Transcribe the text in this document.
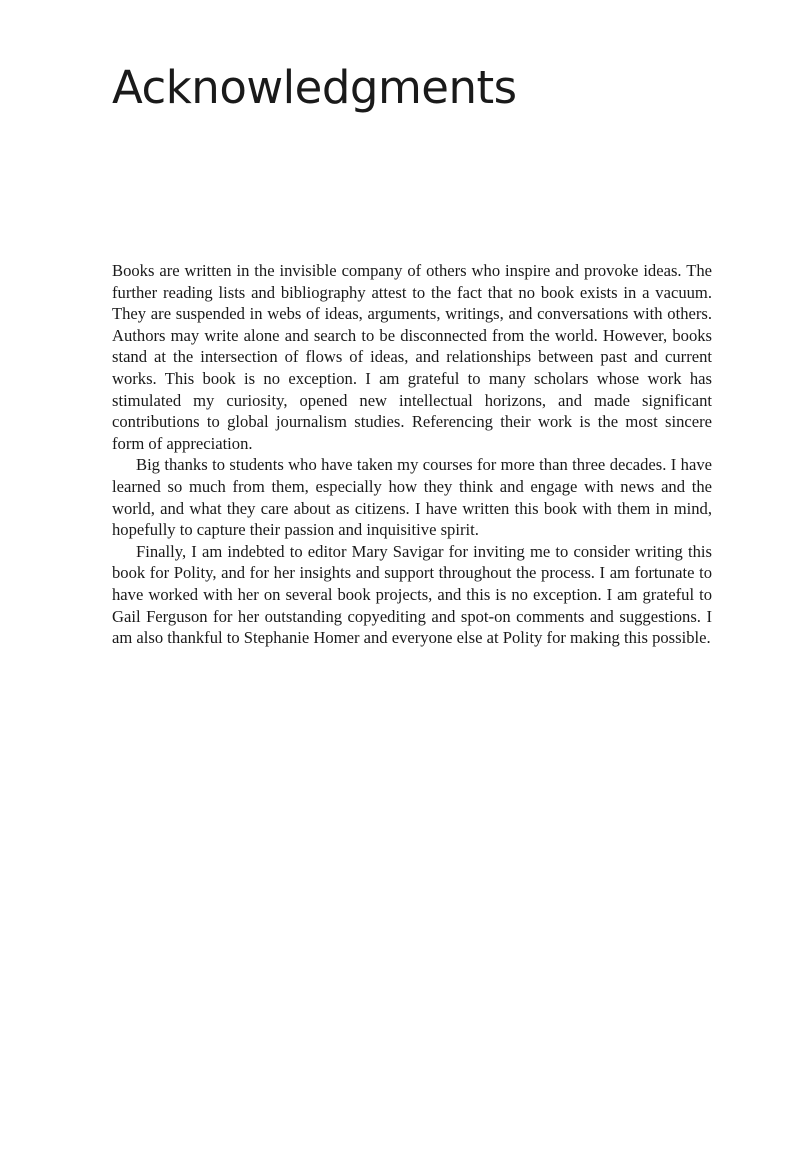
Acknowledgments

Books are written in the invisible company of others who inspire and provoke ideas. The further reading lists and bibliography attest to the fact that no book exists in a vacuum. They are suspended in webs of ideas, arguments, writings, and conversations with others. Authors may write alone and search to be disconnected from the world. However, books stand at the intersection of flows of ideas, and relationships between past and current works. This book is no exception. I am grateful to many scholars whose work has stimulated my curiosity, opened new intellectual horizons, and made significant contributions to global journalism studies. Referencing their work is the most sincere form of appreciation.

Big thanks to students who have taken my courses for more than three decades. I have learned so much from them, especially how they think and engage with news and the world, and what they care about as citizens. I have written this book with them in mind, hopefully to capture their passion and inquisitive spirit.

Finally, I am indebted to editor Mary Savigar for inviting me to consider writing this book for Polity, and for her insights and support throughout the process. I am fortunate to have worked with her on several book projects, and this is no exception. I am grateful to Gail Ferguson for her outstanding copyediting and spot-on comments and suggestions. I am also thankful to Stephanie Homer and everyone else at Polity for making this possible.
